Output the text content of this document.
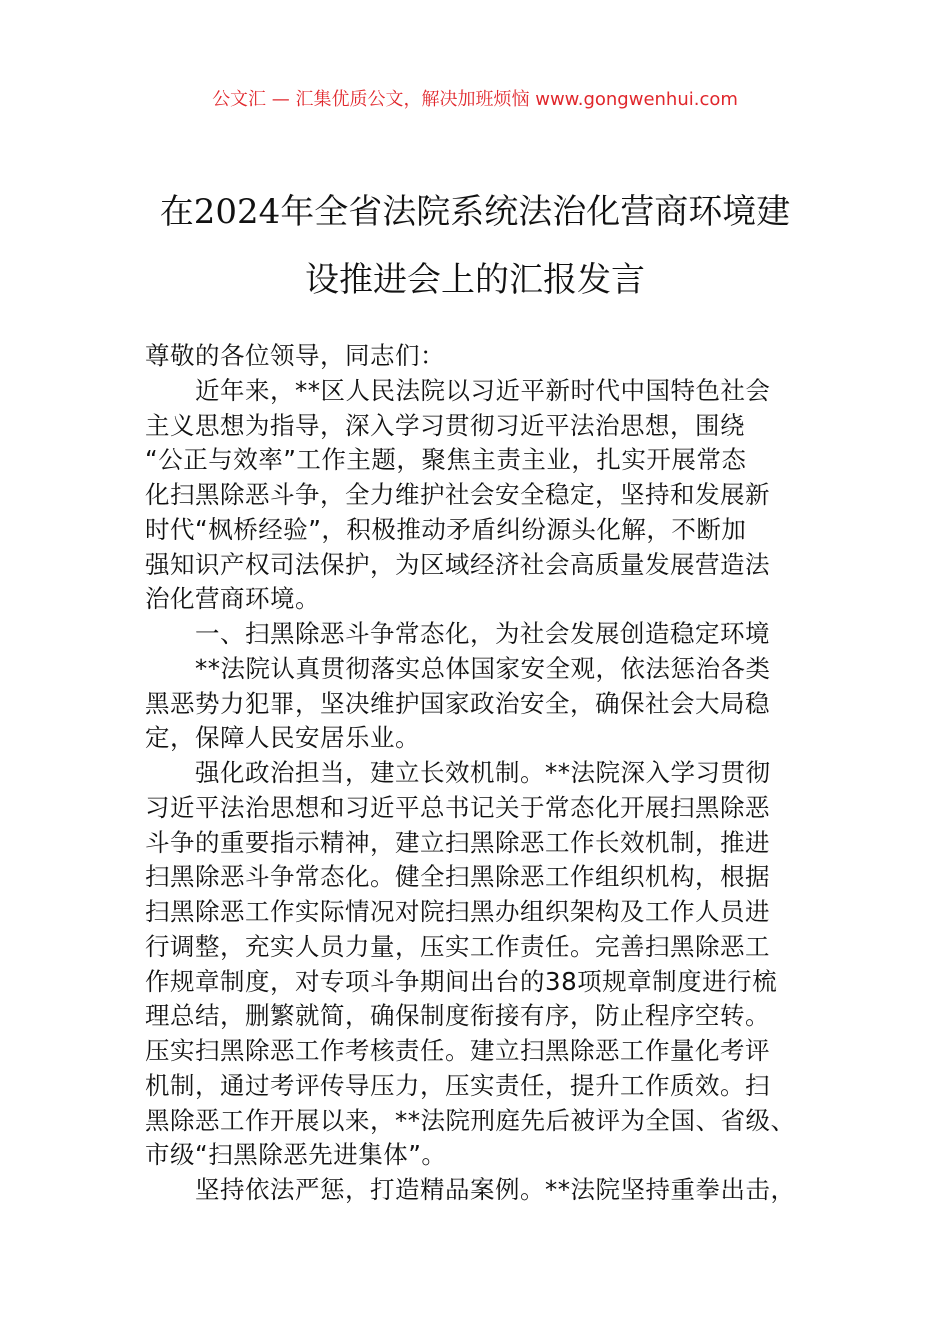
公文汇 — 汇集优质公文，解决加班烦恼 www.gongwenhui.com
在2024年全省法院系统法治化营商环境建
设推进会上的汇报发言
尊敬的各位领导，同志们：
近年来，**区人民法院以习近平新时代中国特色社会
主义思想为指导，深入学习贯彻习近平法治思想，围绕
“公正与效率”工作主题，聚焦主责主业，扎实开展常态
化扫黑除恶斗争，全力维护社会安全稳定，坚持和发展新
时代“枫桥经验”，积极推动矛盾纠纷源头化解，不断加
强知识产权司法保护，为区域经济社会高质量发展营造法
治化营商环境。
一、扫黑除恶斗争常态化，为社会发展创造稳定环境
**法院认真贯彻落实总体国家安全观，依法惩治各类
黑恶势力犯罪，坚决维护国家政治安全，确保社会大局稳
定，保障人民安居乐业。
强化政治担当，建立长效机制。**法院深入学习贯彻
习近平法治思想和习近平总书记关于常态化开展扫黑除恶
斗争的重要指示精神，建立扫黑除恶工作长效机制，推进
扫黑除恶斗争常态化。健全扫黑除恶工作组织机构，根据
扫黑除恶工作实际情况对院扫黑办组织架构及工作人员进
行调整，充实人员力量，压实工作责任。完善扫黑除恶工
作规章制度，对专项斗争期间出台的38项规章制度进行梳
理总结，删繁就简，确保制度衔接有序，防止程序空转。
压实扫黑除恶工作考核责任。建立扫黑除恶工作量化考评
机制，通过考评传导压力，压实责任，提升工作质效。扫
黑除恶工作开展以来，**法院刑庭先后被评为全国、省级、
市级“扫黑除恶先进集体”。
坚持依法严惩，打造精品案例。**法院坚持重拳出击，
